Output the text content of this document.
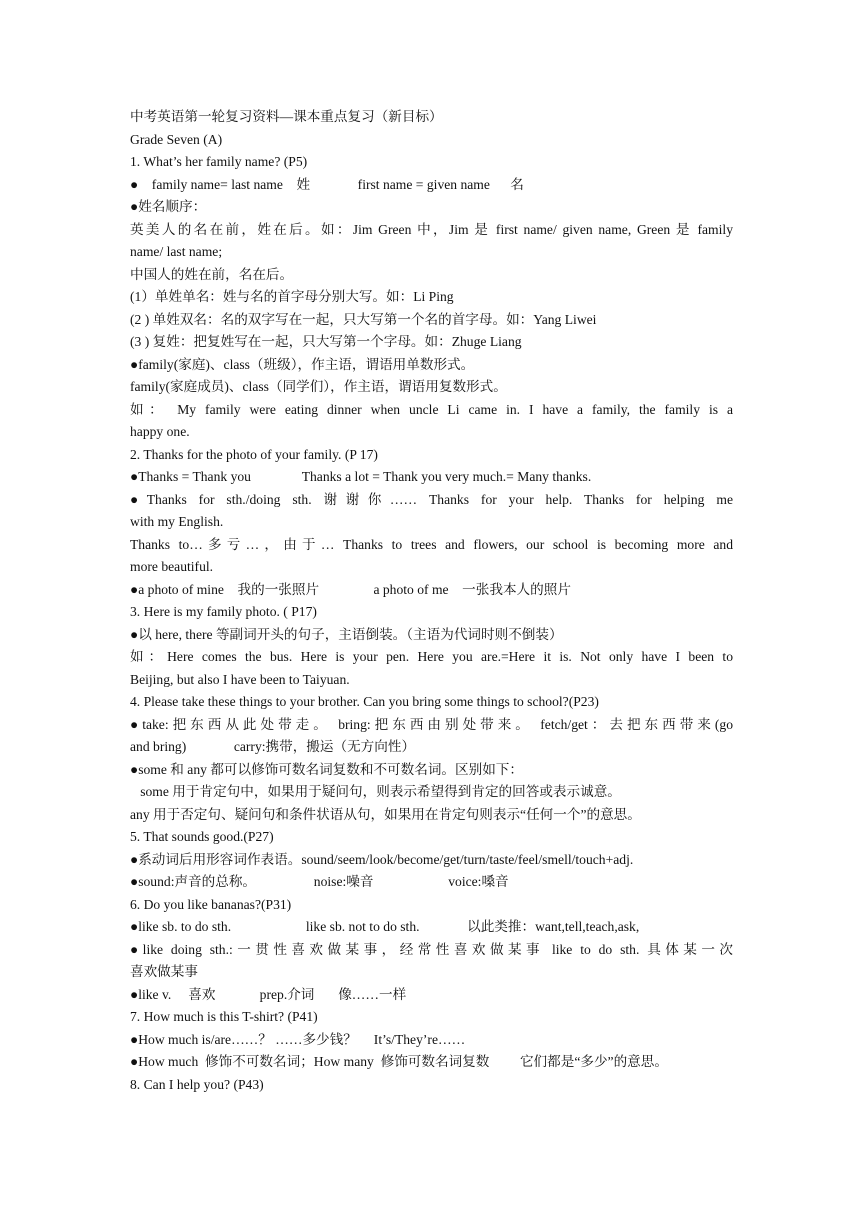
中考英语第一轮复习资料—课本重点复习（新目标）
Grade Seven (A)
1. What’s her family name? (P5)
●    family name= last name    姓              first name = given name      名
●姓名顺序：
英美人的名在前，姓在后。如：Jim Green 中，Jim 是 first name/ given name, Green 是 family
name/ last name;
中国人的姓在前，名在后。
(1）单姓单名：姓与名的首字母分别大写。如：Li Ping
(2 ) 单姓双名：名的双字写在一起，只大写第一个名的首字母。如：Yang Liwei
(3 ) 复姓：把复姓写在一起，只大写第一个字母。如：Zhuge Liang
●family(家庭)、class（班级），作主语，谓语用单数形式。
family(家庭成员)、class（同学们），作主语，谓语用复数形式。
如： My family were eating dinner when uncle Li came in. I have a family, the family is a
happy one.
2. Thanks for the photo of your family. (P 17)
●Thanks = Thank you               Thanks a lot = Thank you very much.= Many thanks.
●Thanks for sth./doing sth. 谢谢你…… Thanks for your help. Thanks for helping me
with my English.
Thanks to…多亏…，由于… Thanks to trees and flowers, our school is becoming more and
more beautiful.
●a photo of mine    我的一张照片                a photo of me    一张我本人的照片
3. Here is my family photo. ( P17)
●以 here, there 等副词开头的句子，主语倒装。（主语为代词时则不倒装）
如：Here comes the bus. Here is your pen. Here you are.=Here it is. Not only have I been to
Beijing, but also I have been to Taiyuan.
4. Please take these things to your brother. Can you bring some things to school?(P23)
●take:把东西从此处带走。 bring:把东西由别处带来。 fetch/get：去把东西带来(go
and bring)              carry:携带，搬运（无方向性）
●some 和 any 都可以修饰可数名词复数和不可数名词。区别如下：
some 用于肯定句中，如果用于疑问句，则表示希望得到肯定的回答或表示诚意。
any 用于否定句、疑问句和条件状语从句，如果用在肯定句则表示“任何一个”的意思。
5. That sounds good.(P27)
●系动词后用形容词作表语。sound/seem/look/become/get/turn/taste/feel/smell/touch+adj.
●sound:声音的总称。                 noise:噪音                      voice:嗓音
6. Do you like bananas?(P31)
●like sb. to do sth.                      like sb. not to do sth.              以此类推：want,tell,teach,ask,
●like doing sth.:一贯性喜欢做某事，经常性喜欢做某事 like to do sth. 具体某一次
喜欢做某事
●like v.     喜欢             prep.介词       像……一样
7. How much is this T-shirt? (P41)
●How much is/are……？ ……多少钱？     It’s/They’re……
●How much  修饰不可数名词；How many  修饰可数名词复数         它们都是“多少”的意思。
8. Can I help you? (P43)
